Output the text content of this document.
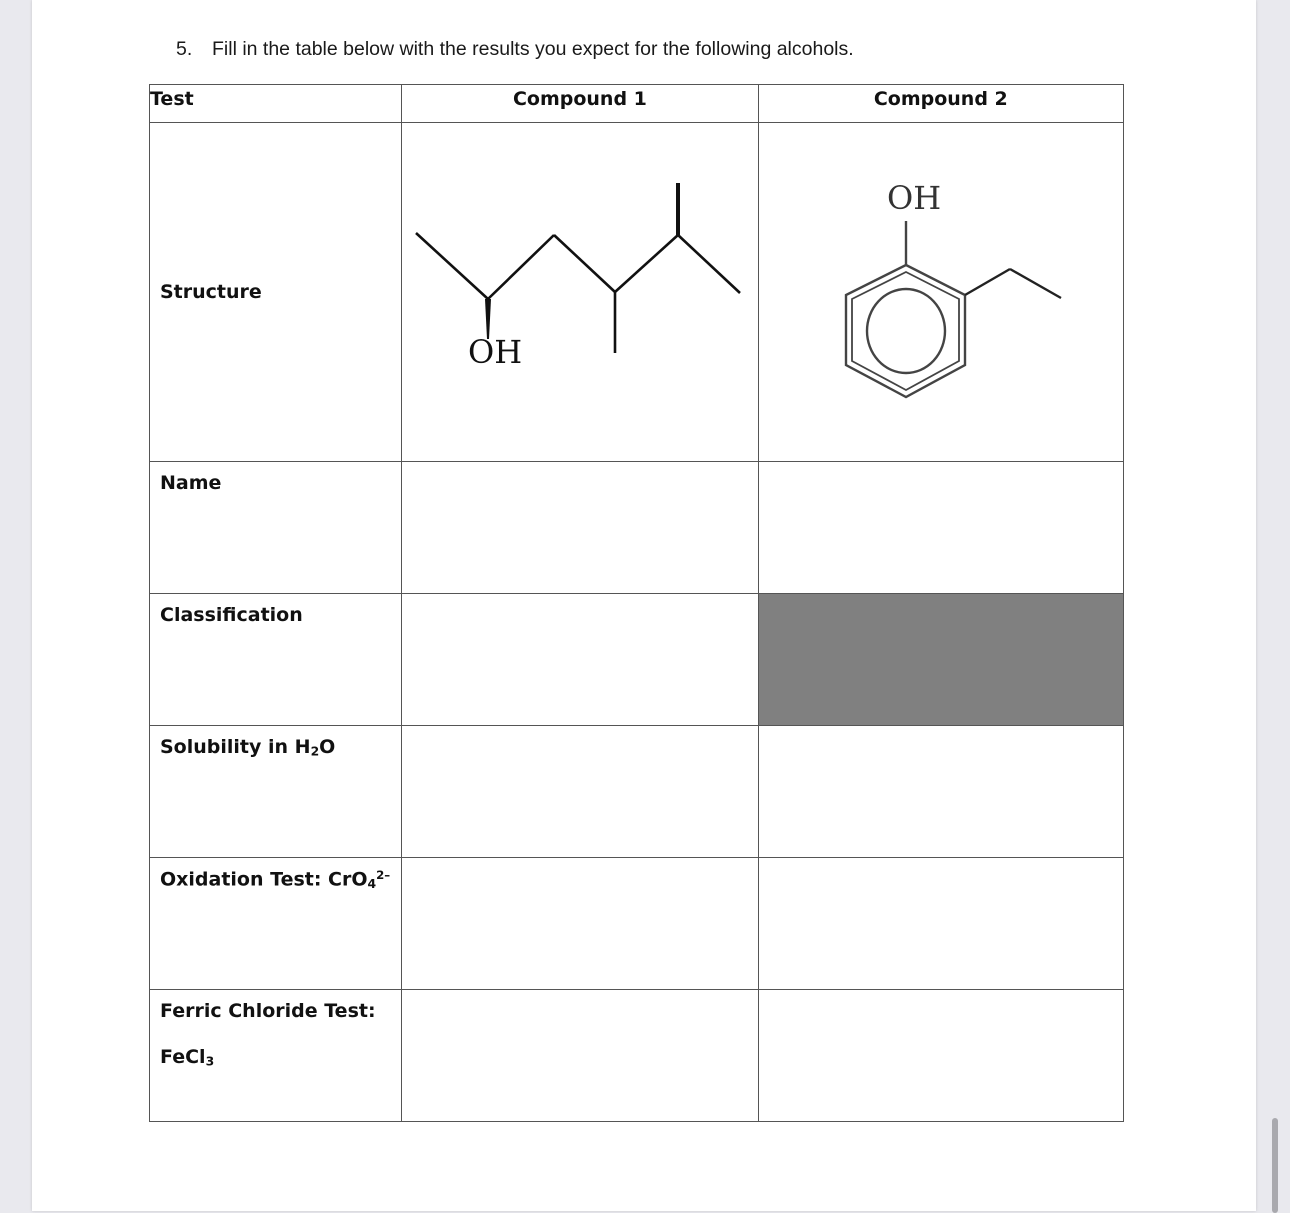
5. Fill in the table below with the results you expect for the following alcohols.
Test	Compound 1	Compound 2
Structure	OH	OH

Name		
Classification		
Solubility in $H_2O$		
Oxidation Test: CrO$_4^{2-}$		
Ferric Chloride Test:
FeCl$_3$
